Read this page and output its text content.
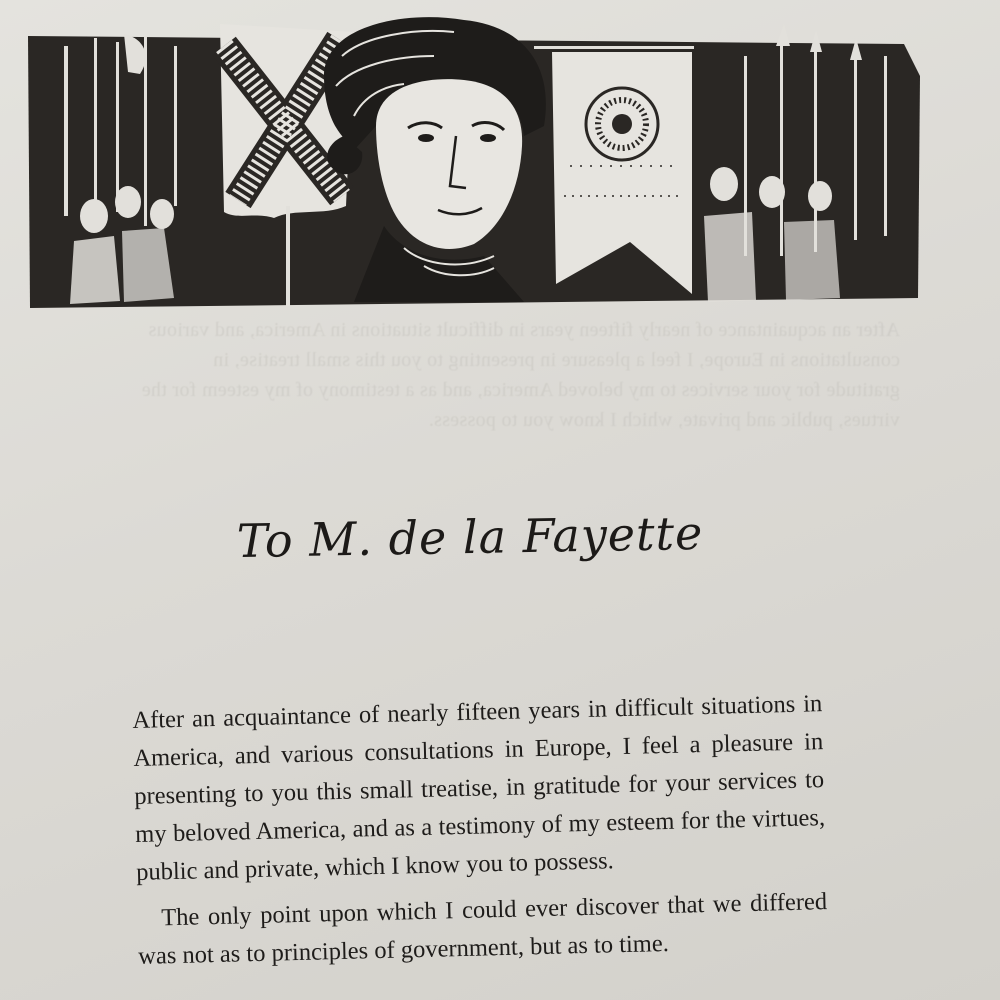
After an acquaintance of nearly fifteen years in difficult situations in America, and various consultations in Europe, I feel a pleasure in presenting to you this small treatise, in gratitude for your services to my beloved America, and as a testimony of my esteem for the virtues, public and private, which I know you to possess.
To M. de la Fayette

After an acquaintance of nearly fifteen years in difficult situations in America, and various consultations in Europe, I feel a pleasure in presenting to you this small treatise, in gratitude for your services to my beloved America, and as a testimony of my esteem for the virtues, public and private, which I know you to possess.

The only point upon which I could ever discover that we differed was not as to principles of government, but as to time.
